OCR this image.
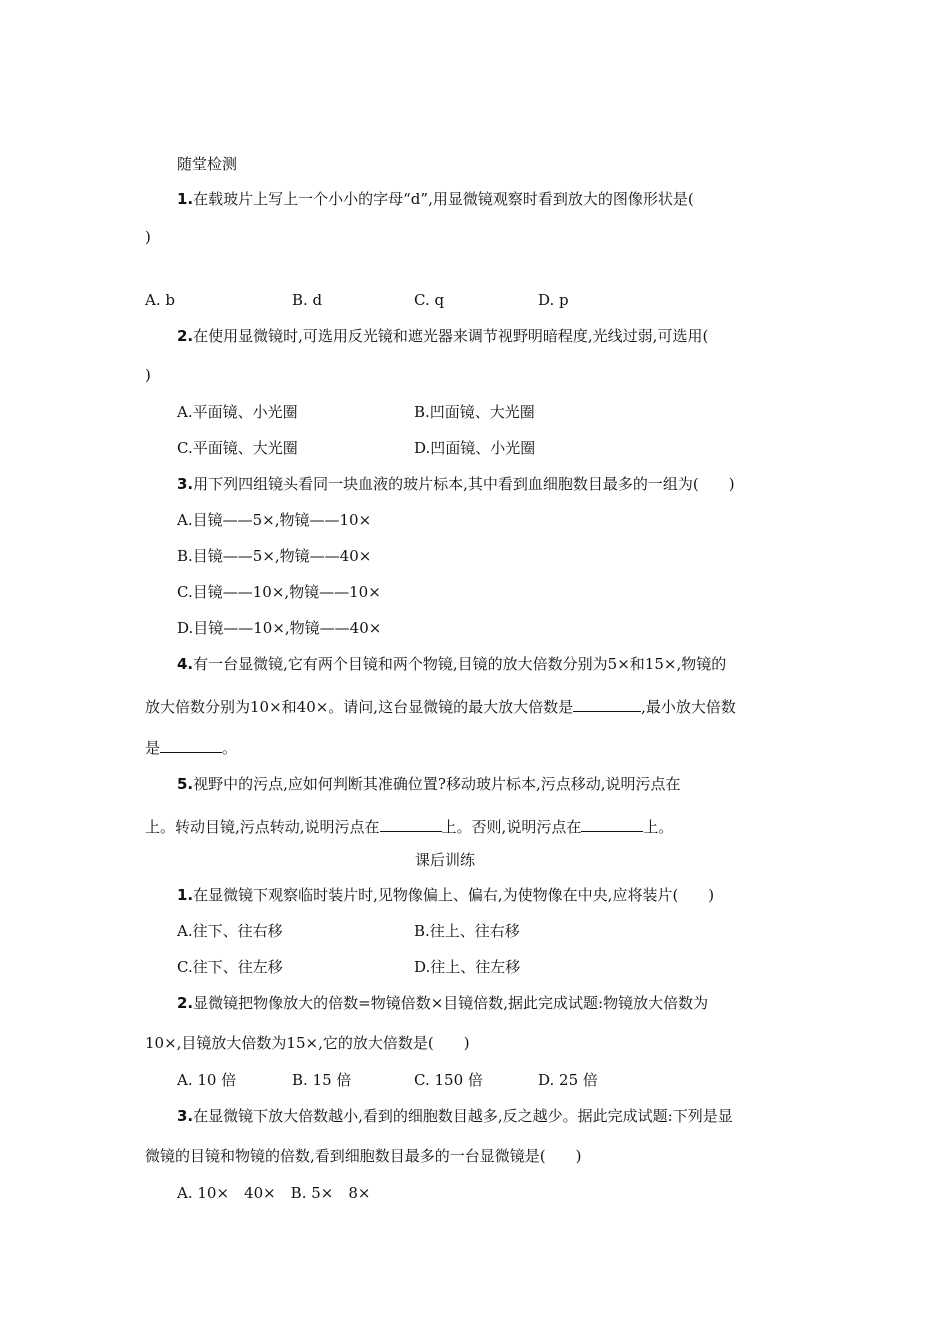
随堂检测
1.在载玻片上写上一个小小的字母“d”,用显微镜观察时看到放大的图像形状是(
)
A. b	B. d	C. q	D. p
2.在使用显微镜时,可选用反光镜和遮光器来调节视野明暗程度,光线过弱,可选用(
)
A.平面镜、小光圈	B.凹面镜、大光圈
C.平面镜、大光圈	D.凹面镜、小光圈
3.用下列四组镜头看同一块血液的玻片标本,其中看到血细胞数目最多的一组为(　　)
A.目镜——5×,物镜——10×
B.目镜——5×,物镜——40×
C.目镜——10×,物镜——10×
D.目镜——10×,物镜——40×
4.有一台显微镜,它有两个目镜和两个物镜,目镜的放大倍数分别为5×和15×,物镜的
放大倍数分别为10×和40×。请问,这台显微镜的最大放大倍数是	,最小放大倍数
是	。
5.视野中的污点,应如何判断其准确位置?移动玻片标本,污点移动,说明污点在
上。转动目镜,污点转动,说明污点在	上。否则,说明污点在	上。
课后训练
1.在显微镜下观察临时装片时,见物像偏上、偏右,为使物像在中央,应将装片(　　)
A.往下、往右移	B.往上、往右移
C.往下、往左移	D.往上、往左移
2.显微镜把物像放大的倍数=物镜倍数×目镜倍数,据此完成试题:物镜放大倍数为
10×,目镜放大倍数为15×,它的放大倍数是(　　)
A. 10 倍	B. 15 倍	C. 150 倍	D. 25 倍
3.在显微镜下放大倍数越小,看到的细胞数目越多,反之越少。据此完成试题:下列是显
微镜的目镜和物镜的倍数,看到细胞数目最多的一台显微镜是(　　)
A. 10×　40×　B. 5×　8×
